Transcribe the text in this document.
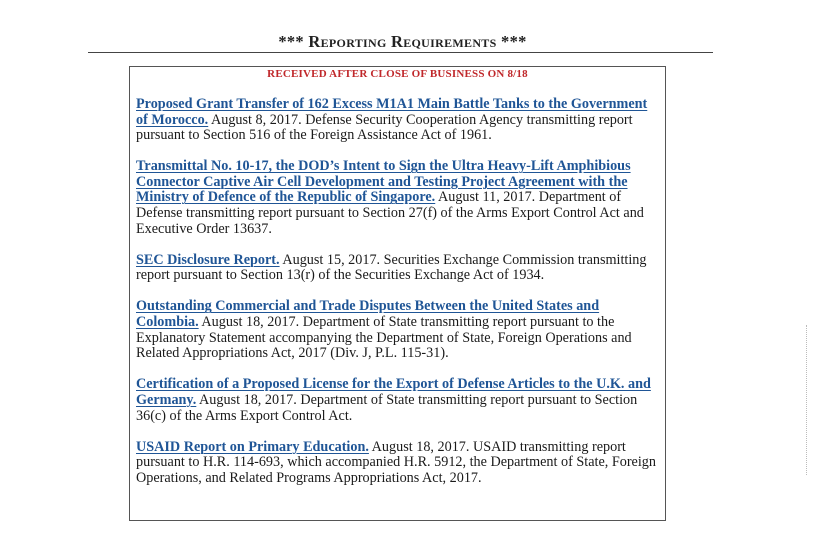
*** Reporting Requirements ***
RECEIVED AFTER CLOSE OF BUSINESS ON 8/18

Proposed Grant Transfer of 162 Excess M1A1 Main Battle Tanks to the Government of Morocco. August 8, 2017. Defense Security Cooperation Agency transmitting report pursuant to Section 516 of the Foreign Assistance Act of 1961.

Transmittal No. 10-17, the DOD’s Intent to Sign the Ultra Heavy-Lift Amphibious Connector Captive Air Cell Development and Testing Project Agreement with the Ministry of Defence of the Republic of Singapore. August 11, 2017. Department of Defense transmitting report pursuant to Section 27(f) of the Arms Export Control Act and Executive Order 13637.

SEC Disclosure Report. August 15, 2017. Securities Exchange Commission transmitting report pursuant to Section 13(r) of the Securities Exchange Act of 1934.

Outstanding Commercial and Trade Disputes Between the United States and Colombia. August 18, 2017. Department of State transmitting report pursuant to the Explanatory Statement accompanying the Department of State, Foreign Operations and Related Appropriations Act, 2017 (Div. J, P.L. 115-31).

Certification of a Proposed License for the Export of Defense Articles to the U.K. and Germany. August 18, 2017. Department of State transmitting report pursuant to Section 36(c) of the Arms Export Control Act.

USAID Report on Primary Education. August 18, 2017. USAID transmitting report pursuant to H.R. 114-693, which accompanied H.R. 5912, the Department of State, Foreign Operations, and Related Programs Appropriations Act, 2017.
